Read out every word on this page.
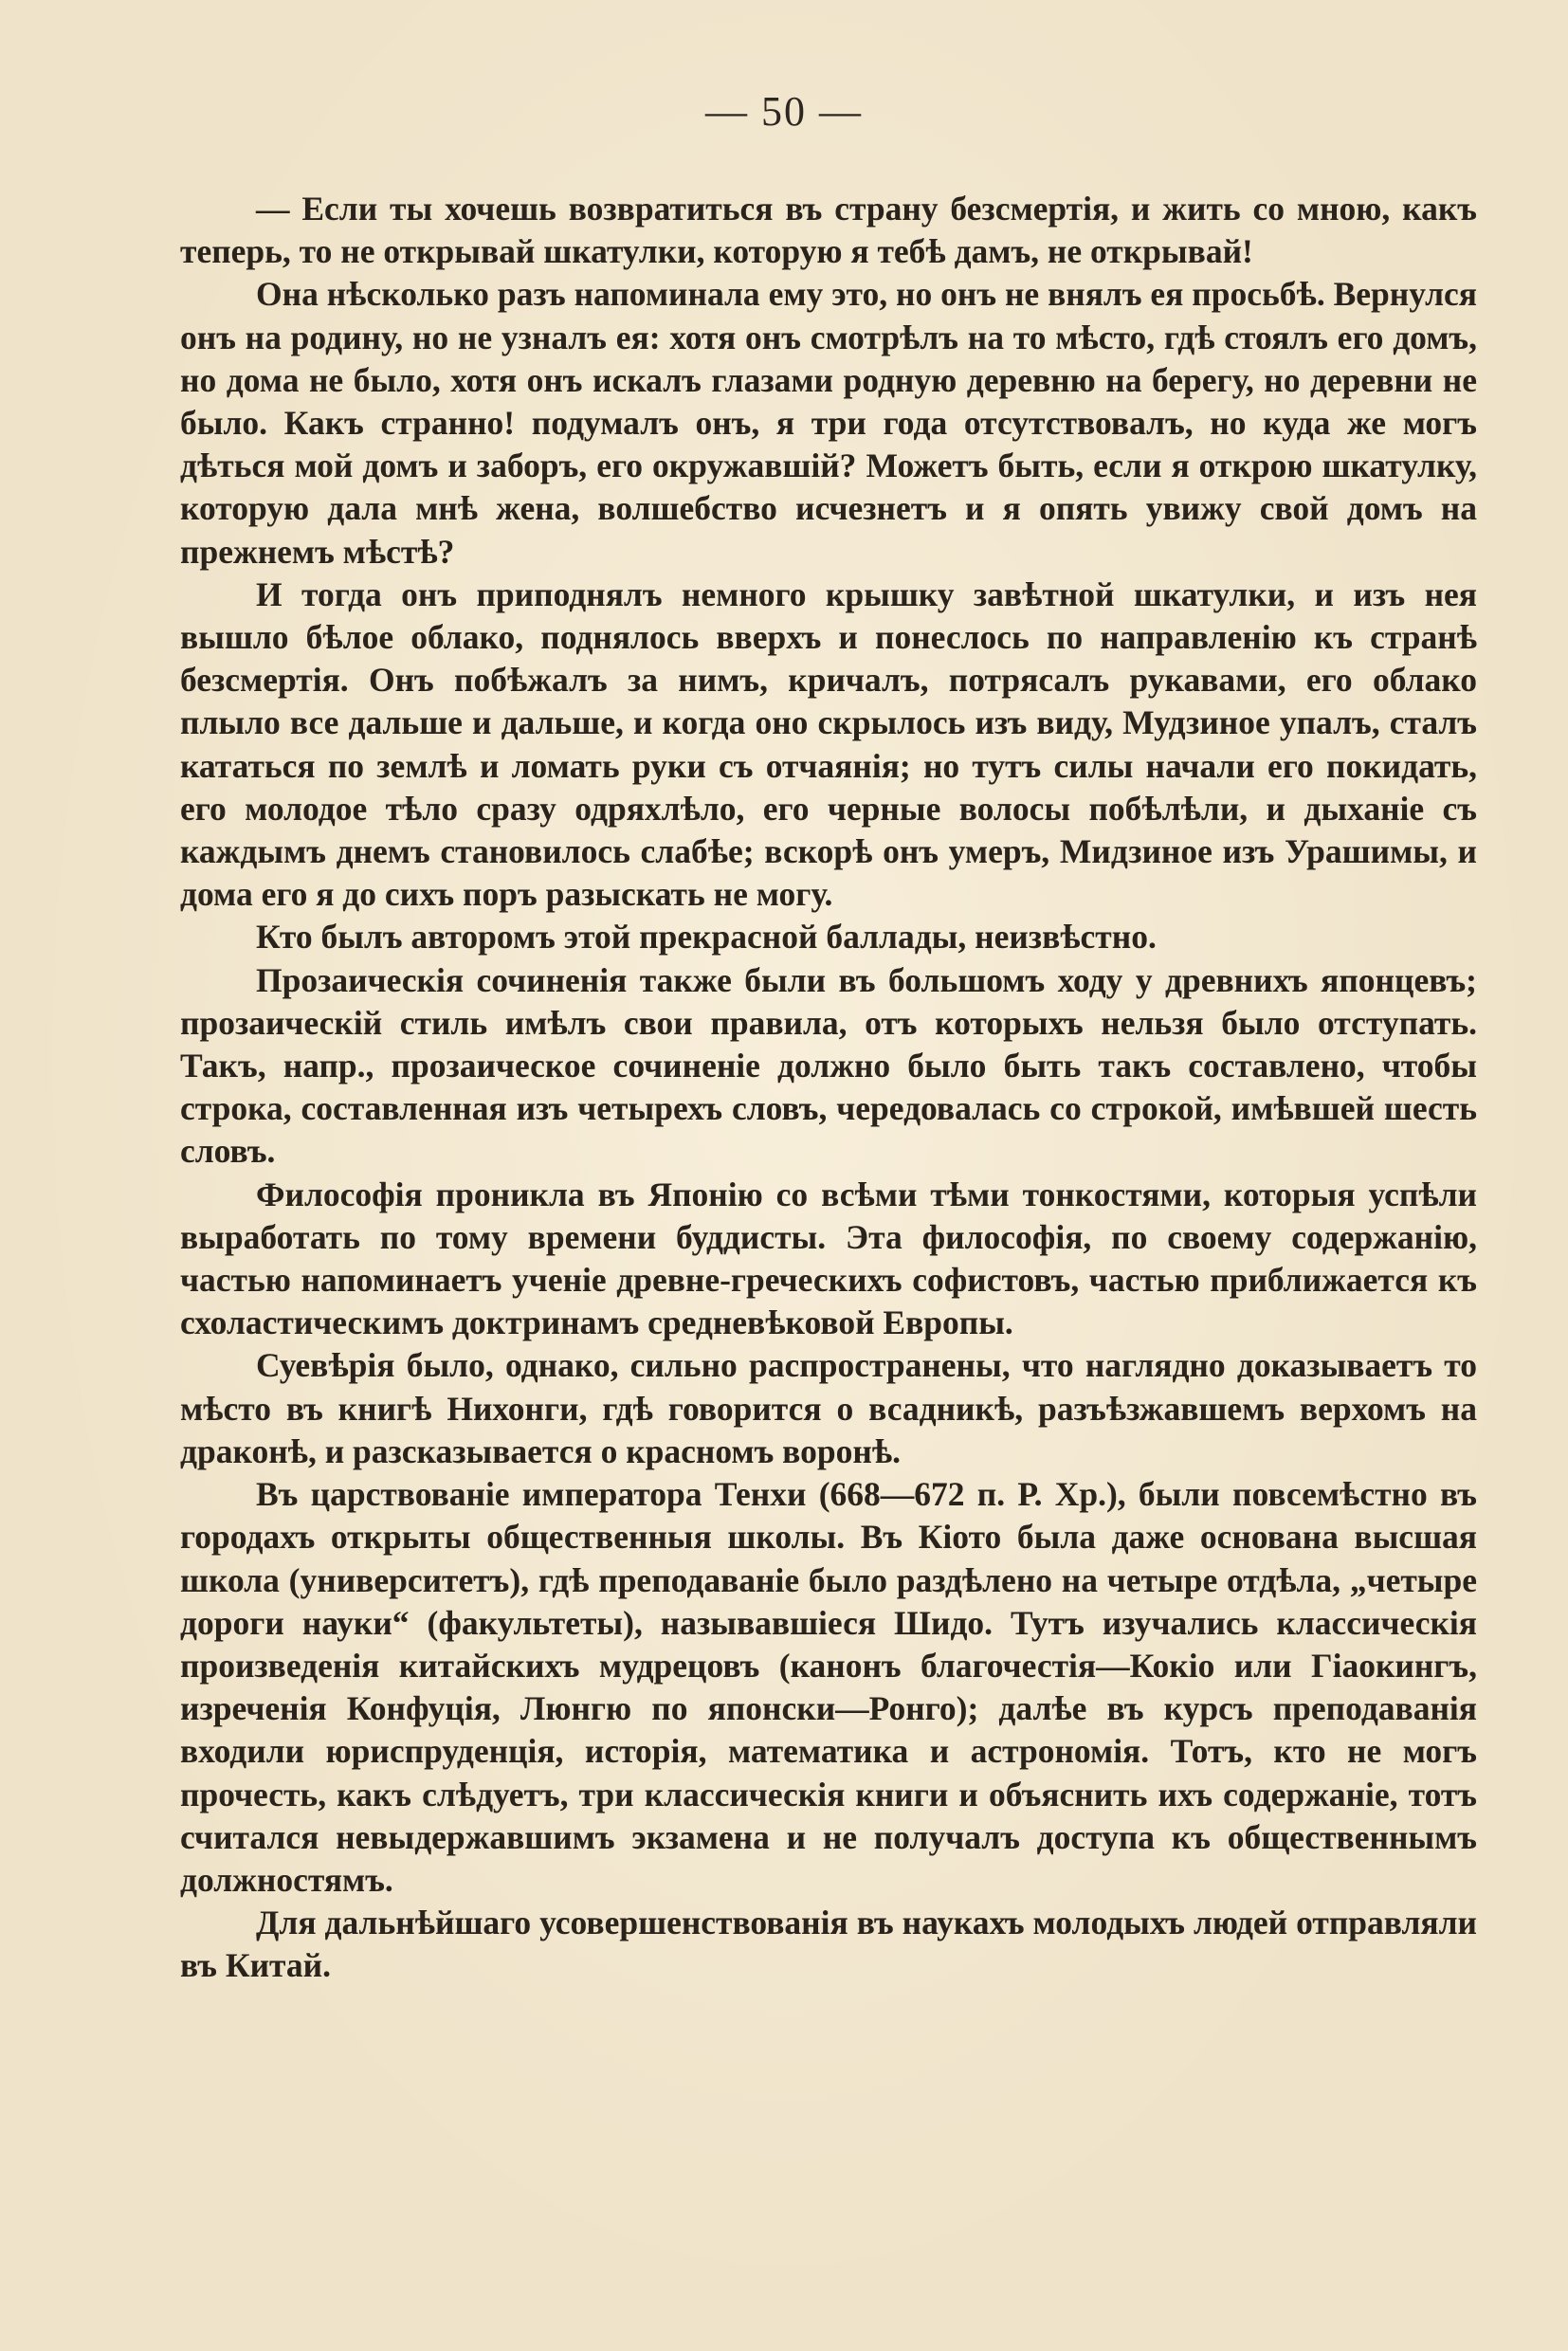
— 50 —

— Если ты хочешь возвратиться въ страну безсмертія, и жить со мною, какъ теперь, то не открывай шкатулки, которую я тебѣ дамъ, не открывай!

Она нѣсколько разъ напоминала ему это, но онъ не внялъ ея просьбѣ. Вернулся онъ на родину, но не узналъ ея: хотя онъ смотрѣлъ на то мѣсто, гдѣ стоялъ его домъ, но дома не было, хотя онъ искалъ глазами родную деревню на берегу, но деревни не было. Какъ странно! подумалъ онъ, я три года отсутствовалъ, но куда же могъ дѣться мой домъ и заборъ, его окружавшій? Можетъ быть, если я открою шкатулку, которую дала мнѣ жена, волшебство исчезнетъ и я опять увижу свой домъ на прежнемъ мѣстѣ?

И тогда онъ приподнялъ немного крышку завѣтной шкатулки, и изъ нея вышло бѣлое облако, поднялось вверхъ и понеслось по направленію къ странѣ безсмертія. Онъ побѣжалъ за нимъ, кричалъ, потрясалъ рукавами, его облако плыло все дальше и дальше, и когда оно скрылось изъ виду, Мудзиное упалъ, сталъ кататься по землѣ и ломать руки съ отчаянія; но тутъ силы начали его покидать, его молодое тѣло сразу одряхлѣло, его черные волосы побѣлѣли, и дыханіе съ каждымъ днемъ становилось слабѣе; вскорѣ онъ умеръ, Мидзиное изъ Урашимы, и дома его я до сихъ поръ разыскать не могу.

Кто былъ авторомъ этой прекрасной баллады, неизвѣстно.

Прозаическія сочиненія также были въ большомъ ходу у древнихъ японцевъ; прозаическій стиль имѣлъ свои правила, отъ которыхъ нельзя было отступать. Такъ, напр., прозаическое сочиненіе должно было быть такъ составлено, чтобы строка, составленная изъ четырехъ словъ, чередовалась со строкой, имѣвшей шесть словъ.

Философія проникла въ Японію со всѣми тѣми тонкостями, которыя успѣли выработать по тому времени буддисты. Эта философія, по своему содержанію, частью напоминаетъ ученіе древне-греческихъ софистовъ, частью приближается къ схоластическимъ доктринамъ средневѣковой Европы.

Суевѣрія было, однако, сильно распространены, что наглядно доказываетъ то мѣсто въ книгѣ Нихонги, гдѣ говорится о всадникѣ, разъѣзжавшемъ верхомъ на драконѣ, и разсказывается о красномъ воронѣ.

Въ царствованіе императора Тенхи (668—672 п. Р. Хр.), были повсемѣстно въ городахъ открыты общественныя школы. Въ Кіото была даже основана высшая школа (университетъ), гдѣ преподаваніе было раздѣлено на четыре отдѣла, „четыре дороги науки“ (факультеты), называвшіеся Шидо. Тутъ изучались классическія произведенія китайскихъ мудрецовъ (канонъ благочестія—Кокіо или Гіаокингъ, изреченія Конфуція, Люнгю по японски—Ронго); далѣе въ курсъ преподаванія входили юриспруденція, исторія, математика и астрономія. Тотъ, кто не могъ прочесть, какъ слѣдуетъ, три классическія книги и объяснить ихъ содержаніе, тотъ считался невыдержавшимъ экзамена и не получалъ доступа къ общественнымъ должностямъ.

Для дальнѣйшаго усовершенствованія въ наукахъ молодыхъ людей отправляли въ Китай.
